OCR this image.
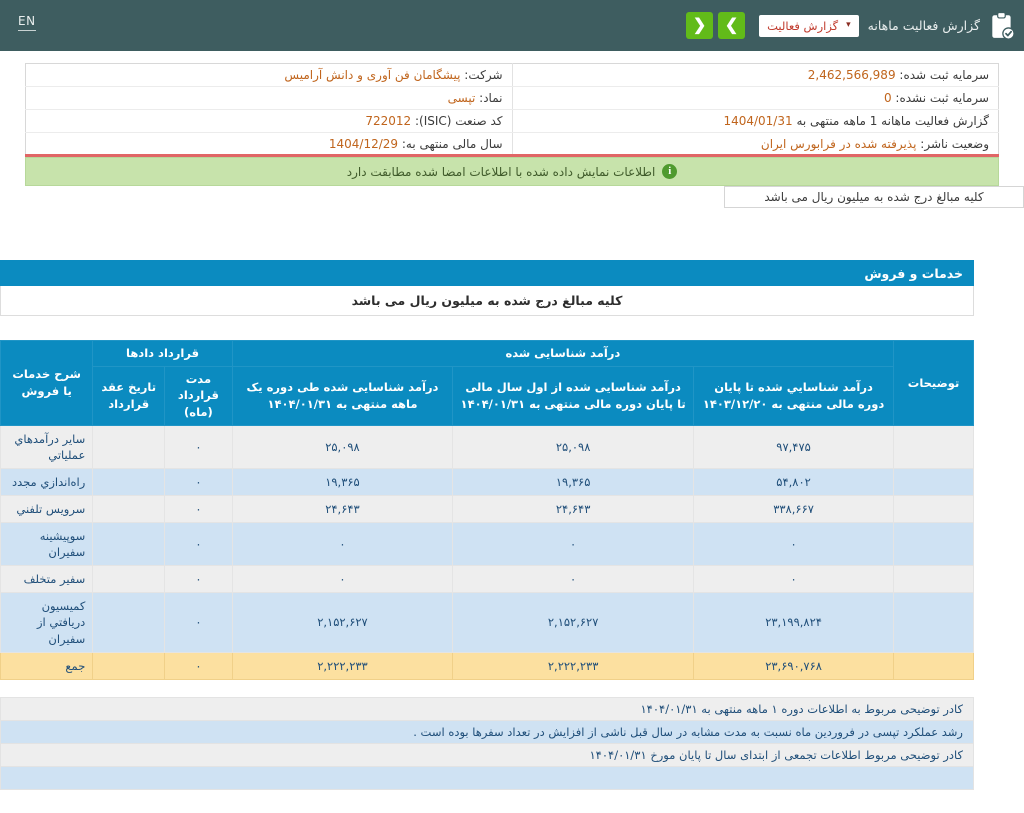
گزارش فعالیت ماهانه
▾
گزارش فعالیت
❯
❮
EN
سرمایه ثبت شده: 2,462,566,989	شرکت: پیشگامان فن آوری و دانش آرامیس
سرمایه ثبت نشده: 0	نماد: تپسی
گزارش فعالیت ماهانه 1 ماهه منتهی به 1404/01/31	کد صنعت (ISIC): 722012
وضعیت ناشر: پذیرفته شده در فرابورس ایران	سال مالی منتهی به: 1404/12/29
i
اطلاعات نمایش داده شده با اطلاعات امضا شده مطابقت دارد
کلیه مبالغ درج شده به میلیون ریال می باشد
خدمات و فروش
کلیه مبالغ درج شده به میلیون ریال می باشد
توضیحات	درآمد شناسایی شده			قرارداد دادها		شرح خدمات یا فروش
	درآمد شناسايي شده تا پایان دوره مالی منتهی به ۱۴۰۳/۱۲/۲۰	درآمد شناسایی شده از اول سال مالی تا پایان دوره مالی منتهی به ۱۴۰۴/۰۱/۳۱	درآمد شناسایی شده طی دوره یک ماهه منتهی به ۱۴۰۴/۰۱/۳۱	مدت قرارداد (ماه)	تاریخ عقد قرارداد	
	۹۷,۴۷۵	۲۵,۰۹۸	۲۵,۰۹۸	٠		سایر درآمدهاي عملیاتي
	۵۴,۸۰۲	۱۹,۳۶۵	۱۹,۳۶۵	٠		راه‌اندازي مجدد
	۳۳۸,۶۶۷	۲۴,۶۴۳	۲۴,۶۴۳	٠		سرویس تلفني
	٠	٠	٠	٠		سوپیشینه سفیران
	٠	٠	٠	٠		سفیر متخلف
	۲۳,۱۹۹,۸۲۴	۲,۱۵۲,۶۲۷	۲,۱۵۲,۶۲۷	٠		کمیسیون دریافتي از سفیران
	۲۳,۶۹۰,۷۶۸	۲,۲۲۲,۲۳۳	۲,۲۲۲,۲۳۳	٠		جمع
کادر توضیحی مربوط به اطلاعات دوره ۱ ماهه منتهی به ۱۴۰۴/۰۱/۳۱
رشد عملکرد تپسی در فروردین ماه نسبت به مدت مشابه در سال قبل ناشی از افزایش در تعداد سفرها بوده است .
کادر توضیحی مربوط اطلاعات تجمعی از ابتدای سال تا پایان مورخ ۱۴۰۴/۰۱/۳۱
